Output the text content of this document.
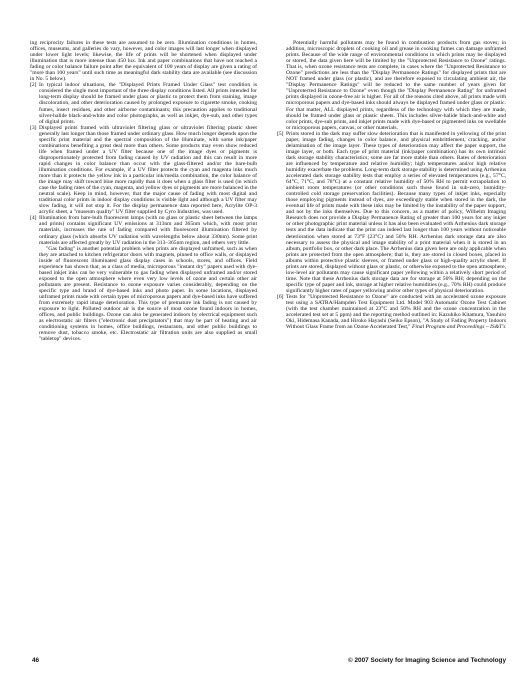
ing reciprocity failures in these tests are assumed to be zero. Illumination conditions in homes, offices, museums, and galleries do vary, however, and color images will last longer when displayed under lower light levels; likewise, the life of prints will be shortened when displayed under illumination that is more intense than 450 lux. Ink and paper combinations that have not reached a fading or color balance failure point after the equivalent of 100 years of display are given a rating of "more than 100 years" until such time as meaningful dark stability data are available (see discussion in No. 5 below).

[2] In typical indoor situations, the "Displayed Prints Framed Under Glass" test condition is considered the single most important of the three display conditions listed. All prints intended for long-term display should be framed under glass or plastic to protect them from staining, image discoloration, and other deterioration caused by prolonged exposure to cigarette smoke, cooking fumes, insect residues, and other airborne contaminants; this precaution applies to traditional silver-halide black-and-white and color photographs, as well as inkjet, dye-sub, and other types of digital prints.

[3] Displayed prints framed with ultraviolet filtering glass or ultraviolet filtering plastic sheet generally last longer than those framed under ordinary glass. How much longer depends upon the specific print material and the spectral composition of the illuminate, with some ink/paper combinations benefiting a great deal more than others. Some products may even show reduced life when framed under a UV filter because one of the image dyes or pigments is disproportionately protected from fading caused by UV radiation and this can result in more rapid changes in color balance than occur with the glass-filtered and/or the bare-bulb illumination conditions. For example, if a UV filter protects the cyan and magenta inks much more than it protects the yellow ink in a particular ink/media combination, the color balance of the image may shift toward blue more rapidly than it does when a glass filter is used (in which case the fading rates of the cyan, magenta, and yellow dyes or pigments are more balanced in the neutral scale). Keep in mind, however, that the major cause of fading with most digital and traditional color prints in indoor display conditions is visible light and although a UV filter may slow fading, it will not stop it. For the display permanence data reported here, Acrylite OP-3 acrylic sheet, a "museum quality" UV filter supplied by Cyro Industries, was used.

[4] Illumination from bare-bulb fluorescent lamps (with no glass or plastic sheet between the lamps and prints) contains significant UV emissions at 313nm and 365nm which, with most print materials, increases the rate of fading compared with fluorescent illumination filtered by ordinary glass (which absorbs UV radiation with wavelengths below about 330nm). Some print materials are affected greatly by UV radiation in the 313–365nm region, and others very little.

"Gas fading" is another potential problem when prints are displayed unframed, such as when they are attached to kitchen refrigerator doors with magnets, pinned to office walls, or displayed inside of fluorescent illuminated glass display cases in schools, stores, and offices. Field experience has shown that, as a class of media, microporous "instant dry" papers used with dye-based inkjet inks can be very vulnerable to gas fading when displayed unframed and/or stored exposed to the open atmosphere where even very low levels of ozone and certain other air pollutants are present. Resistance to ozone exposure varies considerably, depending on the specific type and brand of dye-based inks and photo paper. In some locations, displayed unframed prints made with certain types of microporous papers and dye-based inks have suffered from extremely rapid image deterioration. This type of premature ink fading is not caused by exposure to light. Polluted outdoor air is the source of most ozone found indoors in homes, offices, and public buildings. Ozone can also be generated indoors by electrical equipment such as electrostatic air filters ("electronic dust precipitators") that may be part of heating and air conditioning systems in homes, office buildings, restaurants, and other public buildings to remove dust, tobacco smoke, etc. Electrostatic air filtration units are also supplied as small "tabletop" devices.

Potentially harmful pollutants may be found in combustion products from gas stoves; in addition, microscopic droplets of cooking oil and grease in cooking fumes can damage unframed prints. Because of the wide range of environmental conditions in which prints may be displayed or stored, the data given here will be limited by the "Unprotected Resistance to Ozone" ratings. That is, when ozone resistance tests are complete, in cases where the "Unprotected Resistance to Ozone" predictions are less than the "Display Permanence Ratings" for displayed prints that are NOT framed under glass (or plastic), and are therefore exposed to circulating ambient air, the "Display Permanence Ratings" will be reduced to the same number of years given for "Unprotected Resistance to Ozone" even though the "Display Permanence Rating" for unframed prints displayed in ozone-free air is higher. For all of the reasons cited above, all prints made with microporous papers and dye-based inks should always be displayed framed under glass or plastic. For that matter, ALL displayed prints, regardless of the technology with which they are made, should be framed under glass or plastic sheets. This includes silver-halide black-and-white and color prints, dye-sub prints, and inkjet prints made with dye-based or pigmented inks on swellable or microporous papers, canvas, or other materials.

[5] Prints stored in the dark may suffer slow deterioration that is manifested in yellowing of the print paper, image fading, changes in color balance, and physical embrittlement, cracking, and/or delamination of the image layer. These types of deterioration may affect the paper support, the image layer, or both. Each type of print material (ink/paper combination) has its own intrinsic dark storage stability characteristics; some are far more stable than others. Rates of deterioration are influenced by temperature and relative humidity; high temperatures and/or high relative humidity exacerbate the problems. Long-term dark storage stability is determined using Arrhenius accelerated dark storage stability tests that employ a series of elevated temperatures (e.g., 57°C, 64°C, 71°C, and 78°C) at a constant relative humidity of 50% RH to permit extrapolation to ambient room temperatures (or other conditions such those found in sub-zero, humidity-controlled cold storage preservation facilities). Because many types of inkjet inks, especially those employing pigments instead of dyes, are exceedingly stable when stored in the dark, the eventual life of prints made with these inks may be limited by the instability of the paper support, and not by the inks themselves. Due to this concern, as a matter of policy, Wilhelm Imaging Research does not provide a Display Permanence Rating of greater than 100 years for any inkjet or other photographic print material unless it has also been evaluated with Arrhenius dark storage tests and the data indicate that the print can indeed last longer than 100 years without noticeable deterioration when stored at 73°F (23°C) and 50% RH. Arrhenius dark storage data are also necessary to assess the physical and image stability of a print material when it is stored in an album, portfolio box, or other dark place. The Arrhenius data given here are only applicable when prints are protected from the open atmosphere; that is, they are stored in closed boxes, placed in albums within protective plastic sleeves, or framed under glass or high-quality acrylic sheet. If prints are stored, displayed without glass or plastic, or otherwise exposed to the open atmosphere, low-level air pollutants may cause significant paper yellowing within a relatively short period of time. Note that these Arrhenius dark storage data are for storage at 50% RH; depending on the specific type of paper and ink, storage at higher relative humidities (e.g., 70% RH) could produce significantly higher rates of paper yellowing and/or other types of physical deterioration.

[6] Tests for "Unprotected Resistance to Ozone" are conducted with an accelerated ozone exposure test using a SATRA/Hampden Test Equipment Ltd. Model 903 Automatic Ozone Test Cabinet (with the test chamber maintained at 23°C and 50% RH and the ozone concentration in the accelerated test set at 5 ppm) and the reporting method outlined in: Kazuhiko Kitamura, Yasuhiro Oki, Hidemasa Kanada, and Hiroko Hayashi (Seiko Epson), "A Study of Fading Property Indoors Without Glass Frame from an Ozone Accelerated Test," Final Program and Proceedings – IS&T's

46	© 2007 Society for Imaging Science and Technology
